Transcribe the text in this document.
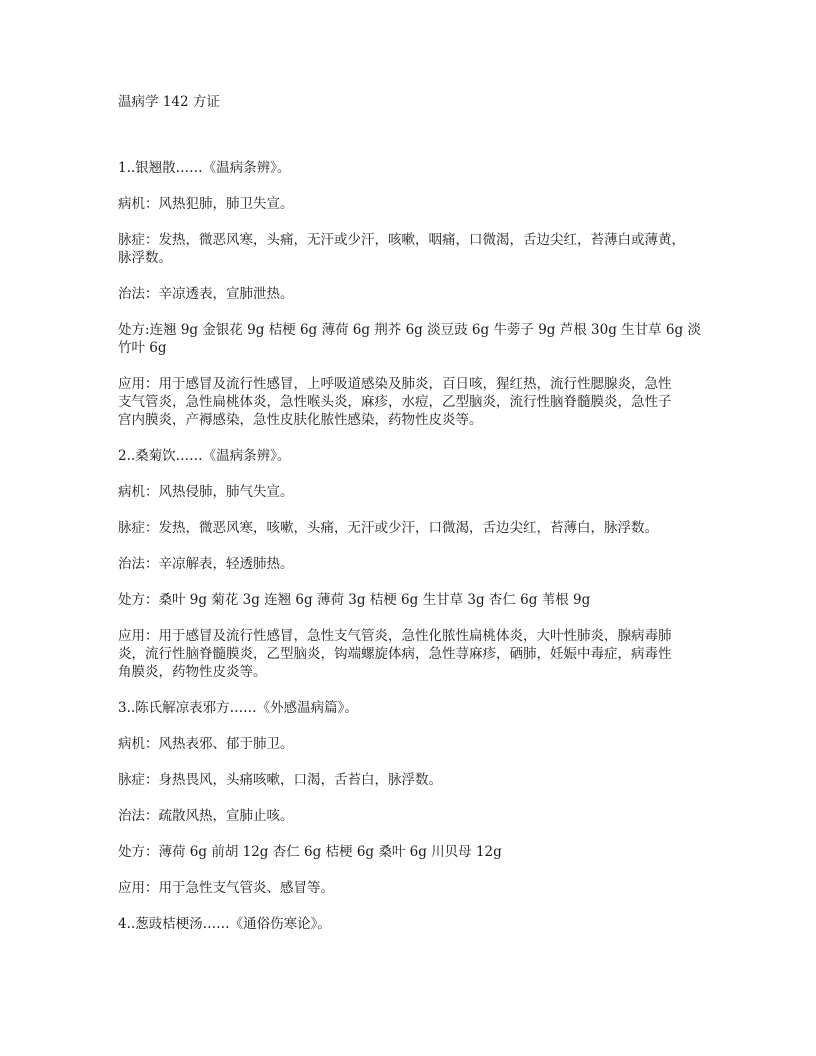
温病学 142 方证
1..银翘散……《温病条辨》。
病机：风热犯肺，肺卫失宣。
脉症：发热，微恶风寒，头痛，无汗或少汗，咳嗽，咽痛，口微渴，舌边尖红，苔薄白或薄黄，
脉浮数。
治法：辛凉透表，宣肺泄热。
处方:连翘 9g 金银花 9g 桔梗 6g 薄荷 6g 荆芥 6g 淡豆豉 6g 牛蒡子 9g 芦根 30g 生甘草 6g 淡
竹叶 6g
应用：用于感冒及流行性感冒，上呼吸道感染及肺炎，百日咳，猩红热，流行性腮腺炎，急性
支气管炎，急性扁桃体炎，急性喉头炎，麻疹，水痘，乙型脑炎，流行性脑脊髓膜炎，急性子
宫内膜炎，产褥感染，急性皮肤化脓性感染，药物性皮炎等。
2..桑菊饮……《温病条辨》。
病机：风热侵肺，肺气失宣。
脉症：发热，微恶风寒，咳嗽，头痛，无汗或少汗，口微渴，舌边尖红，苔薄白，脉浮数。
治法：辛凉解表，轻透肺热。
处方：桑叶 9g 菊花 3g 连翘 6g 薄荷 3g 桔梗 6g 生甘草 3g 杏仁 6g 苇根 9g
应用：用于感冒及流行性感冒，急性支气管炎，急性化脓性扁桃体炎，大叶性肺炎，腺病毒肺
炎，流行性脑脊髓膜炎，乙型脑炎，钩端螺旋体病，急性荨麻疹，硒肺，妊娠中毒症，病毒性
角膜炎，药物性皮炎等。
3..陈氏解凉表邪方……《外感温病篇》。
病机：风热表邪、郁于肺卫。
脉症：身热畏风，头痛咳嗽，口渴，舌苔白，脉浮数。
治法：疏散风热，宣肺止咳。
处方：薄荷 6g 前胡 12g 杏仁 6g 桔梗 6g 桑叶 6g 川贝母 12g
应用：用于急性支气管炎、感冒等。
4..葱豉桔梗汤……《通俗伤寒论》。
